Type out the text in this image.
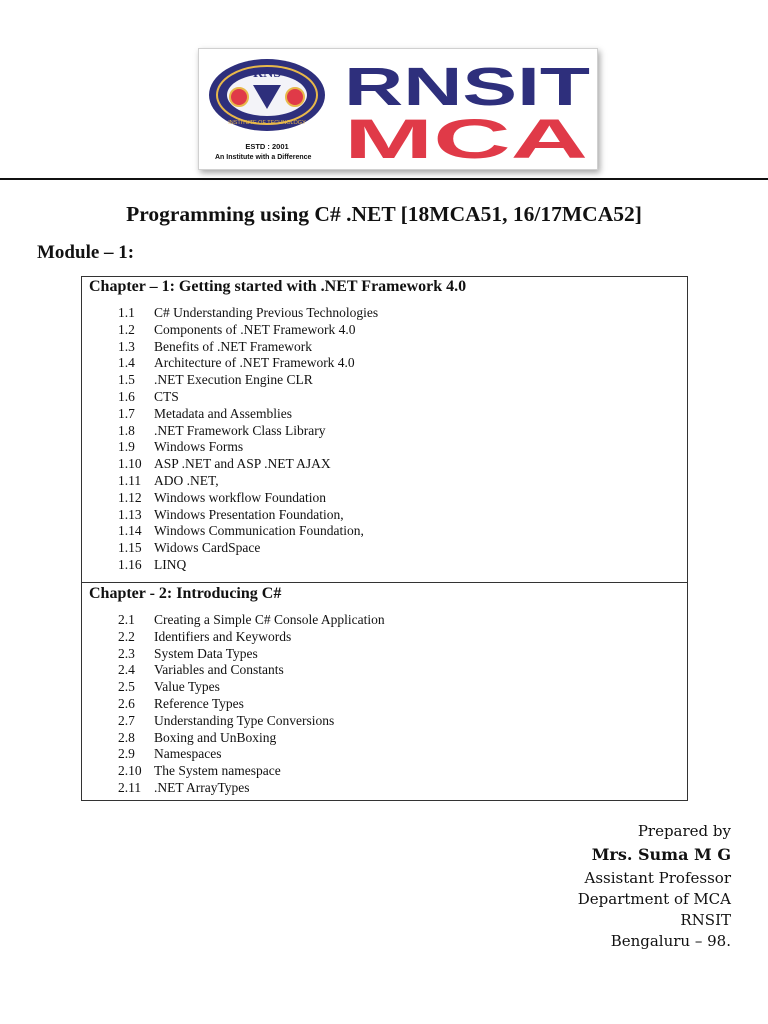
RNS
INSTITUTE OF TECHNOLOGY
ESTD : 2001
An Institute with a Difference
RNSIT
MCA
Programming using C# .NET [18MCA51, 16/17MCA52]
Module – 1:
Chapter – 1: Getting started with .NET Framework 4.0
1.1 C# Understanding Previous Technologies
1.2 Components of .NET Framework 4.0
1.3 Benefits of .NET Framework
1.4 Architecture of .NET Framework 4.0
1.5 .NET Execution Engine CLR
1.6 CTS
1.7 Metadata and Assemblies
1.8 .NET Framework Class Library
1.9 Windows Forms
1.10 ASP .NET and ASP .NET AJAX
1.11 ADO .NET,
1.12 Windows workflow Foundation
1.13 Windows Presentation Foundation,
1.14 Windows Communication Foundation,
1.15 Widows CardSpace
1.16 LINQ
Chapter - 2: Introducing C#
2.1 Creating a Simple C# Console Application
2.2 Identifiers and Keywords
2.3 System Data Types
2.4 Variables and Constants
2.5 Value Types
2.6 Reference Types
2.7 Understanding Type Conversions
2.8 Boxing and UnBoxing
2.9 Namespaces
2.10 The System namespace
2.11 .NET ArrayTypes
Prepared by
Mrs. Suma M G
Assistant Professor
Department of MCA
RNSIT
Bengaluru – 98.
